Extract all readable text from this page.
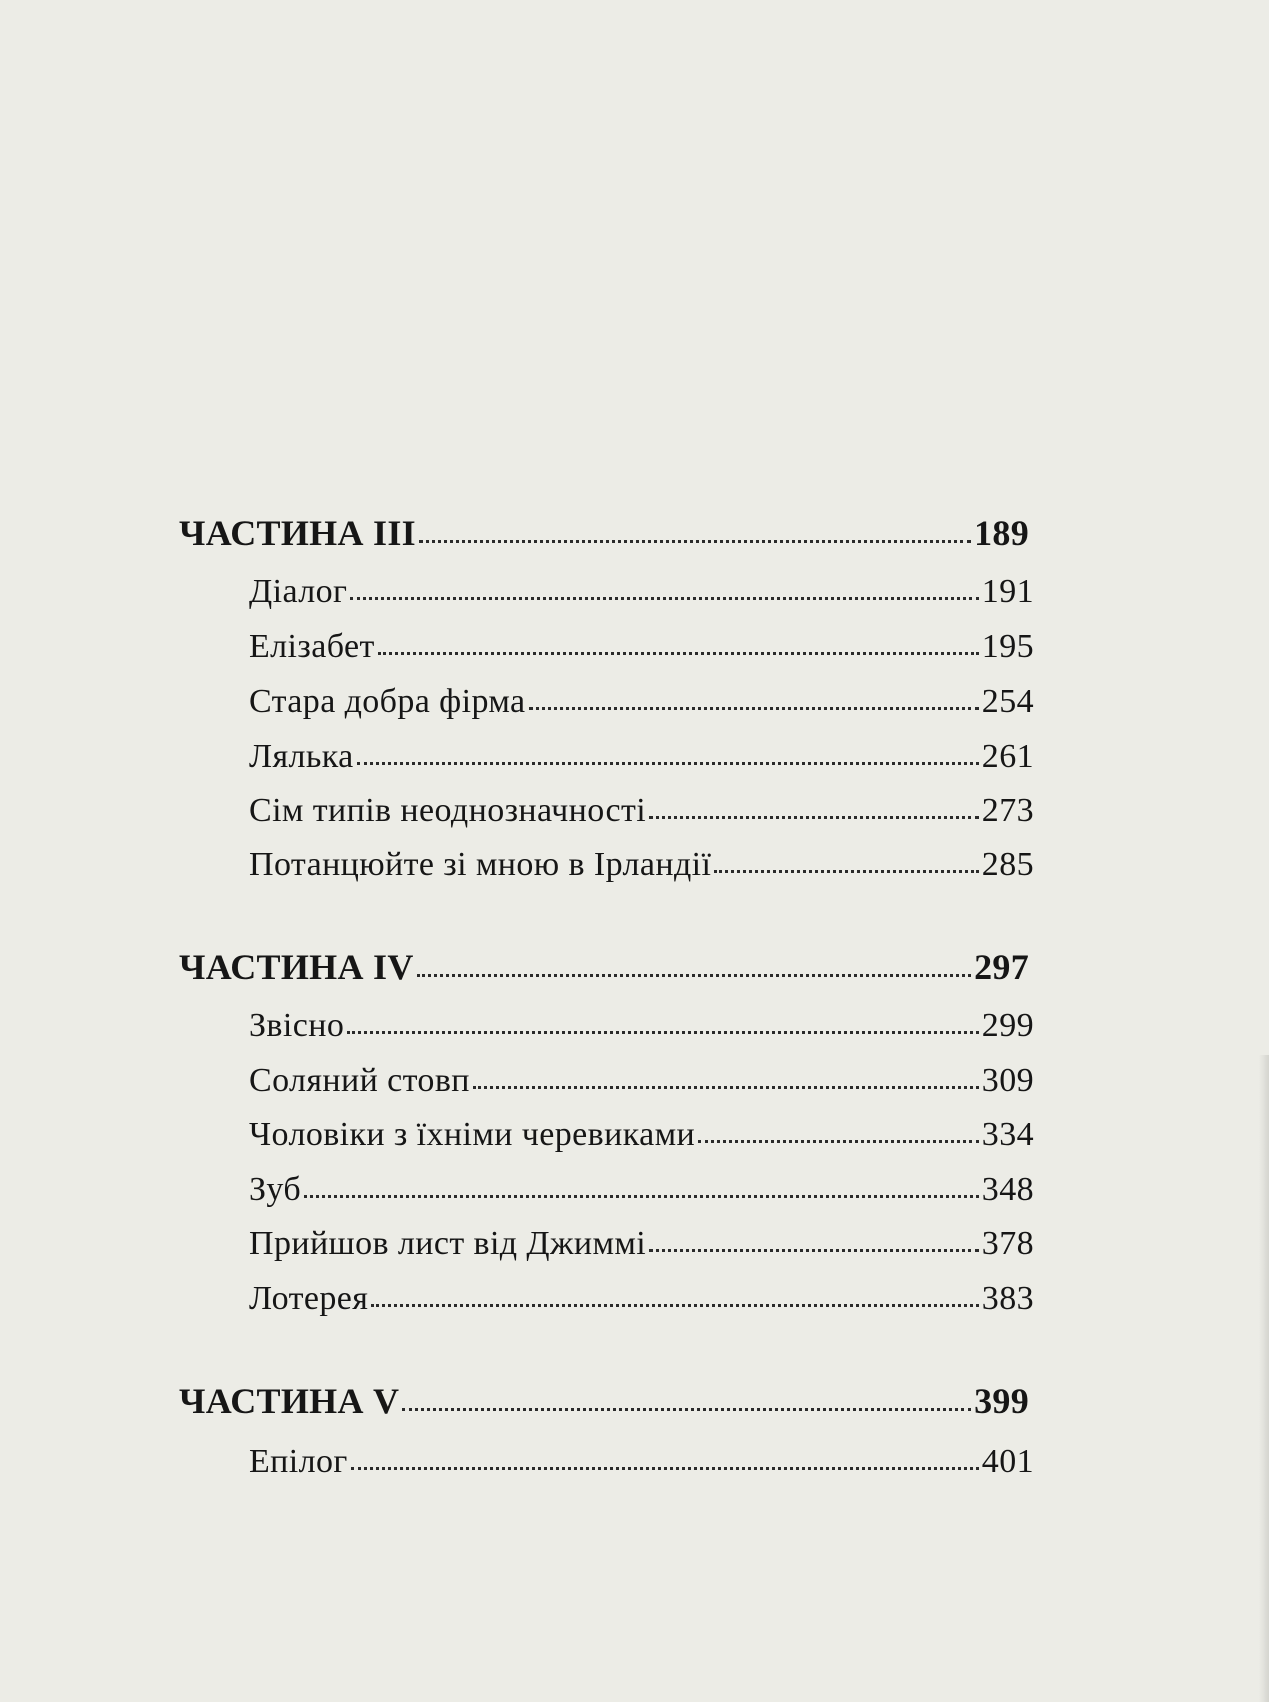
ЧАСТИНА III	189
Діалог	191
Елізабет	195
Стара добра фірма	254
Лялька	261
Сім типів неоднозначності	273
Потанцюйте зі мною в Ірландії	285
ЧАСТИНА IV	297
Звісно	299
Соляний стовп	309
Чоловіки з їхніми черевиками	334
Зуб	348
Прийшов лист від Джиммі	378
Лотерея	383
ЧАСТИНА V	399
Епілог	401
